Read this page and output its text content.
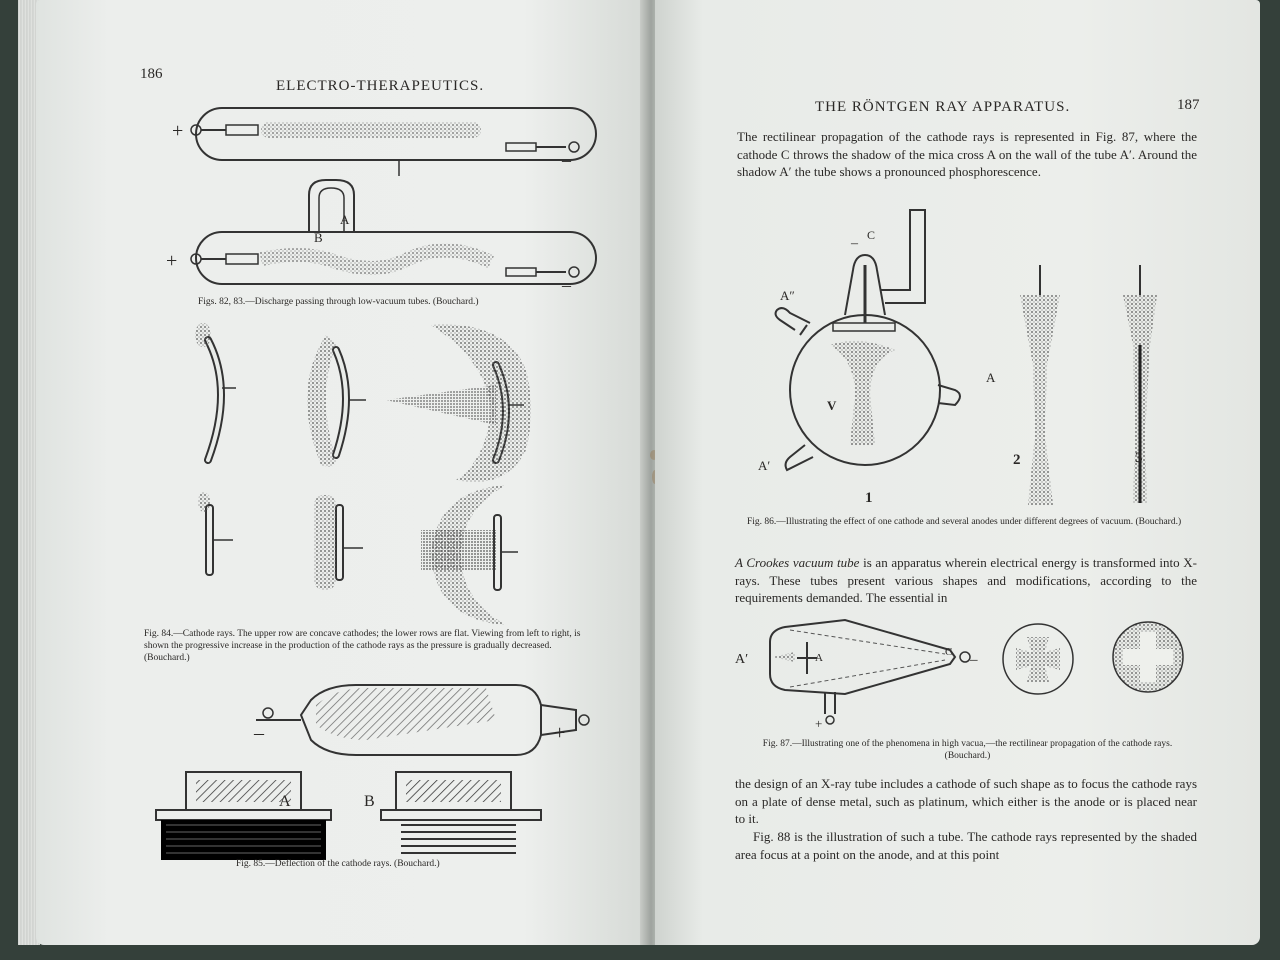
186
ELECTRO-THERAPEUTICS.
+
–
+
–
A
B
Figs. 82, 83.—Discharge passing through low-vacuum tubes. (Bouchard.)
Fig. 84.—Cathode rays. The upper row are concave cathodes; the lower rows are flat. Viewing from left to right, is shown the progressive increase in the production of the cathode rays as the pressure is gradually decreased. (Bouchard.)
–	+
A	B
Fig. 85.—Deflection of the cathode rays. (Bouchard.)
THE RÖNTGEN RAY APPARATUS.	187
The rectilinear propagation of the cathode rays is represented in Fig. 87, where the cathode C throws the shadow of the mica cross A on the wall of the tube A′. Around the shadow A′ the tube shows a pronounced phosphorescence.
C
–
A″
A
V
A′
1
2	3
Fig. 86.—Illustrating the effect of one cathode and several anodes under different degrees of vacuum. (Bouchard.)
A Crookes vacuum tube is an apparatus wherein electrical energy is transformed into X-rays. These tubes present various shapes and modifications, according to the requirements demanded. The essential in
A′	A	C –
+
Fig. 87.—Illustrating one of the phenomena in high vacua,—the rectilinear propagation of the cathode rays. (Bouchard.)
the design of an X-ray tube includes a cathode of such shape as to focus the cathode rays on a plate of dense metal, such as platinum, which either is the anode or is placed near to it.
Fig. 88 is the illustration of such a tube. The cathode rays represented by the shaded area focus at a point on the anode, and at this point
